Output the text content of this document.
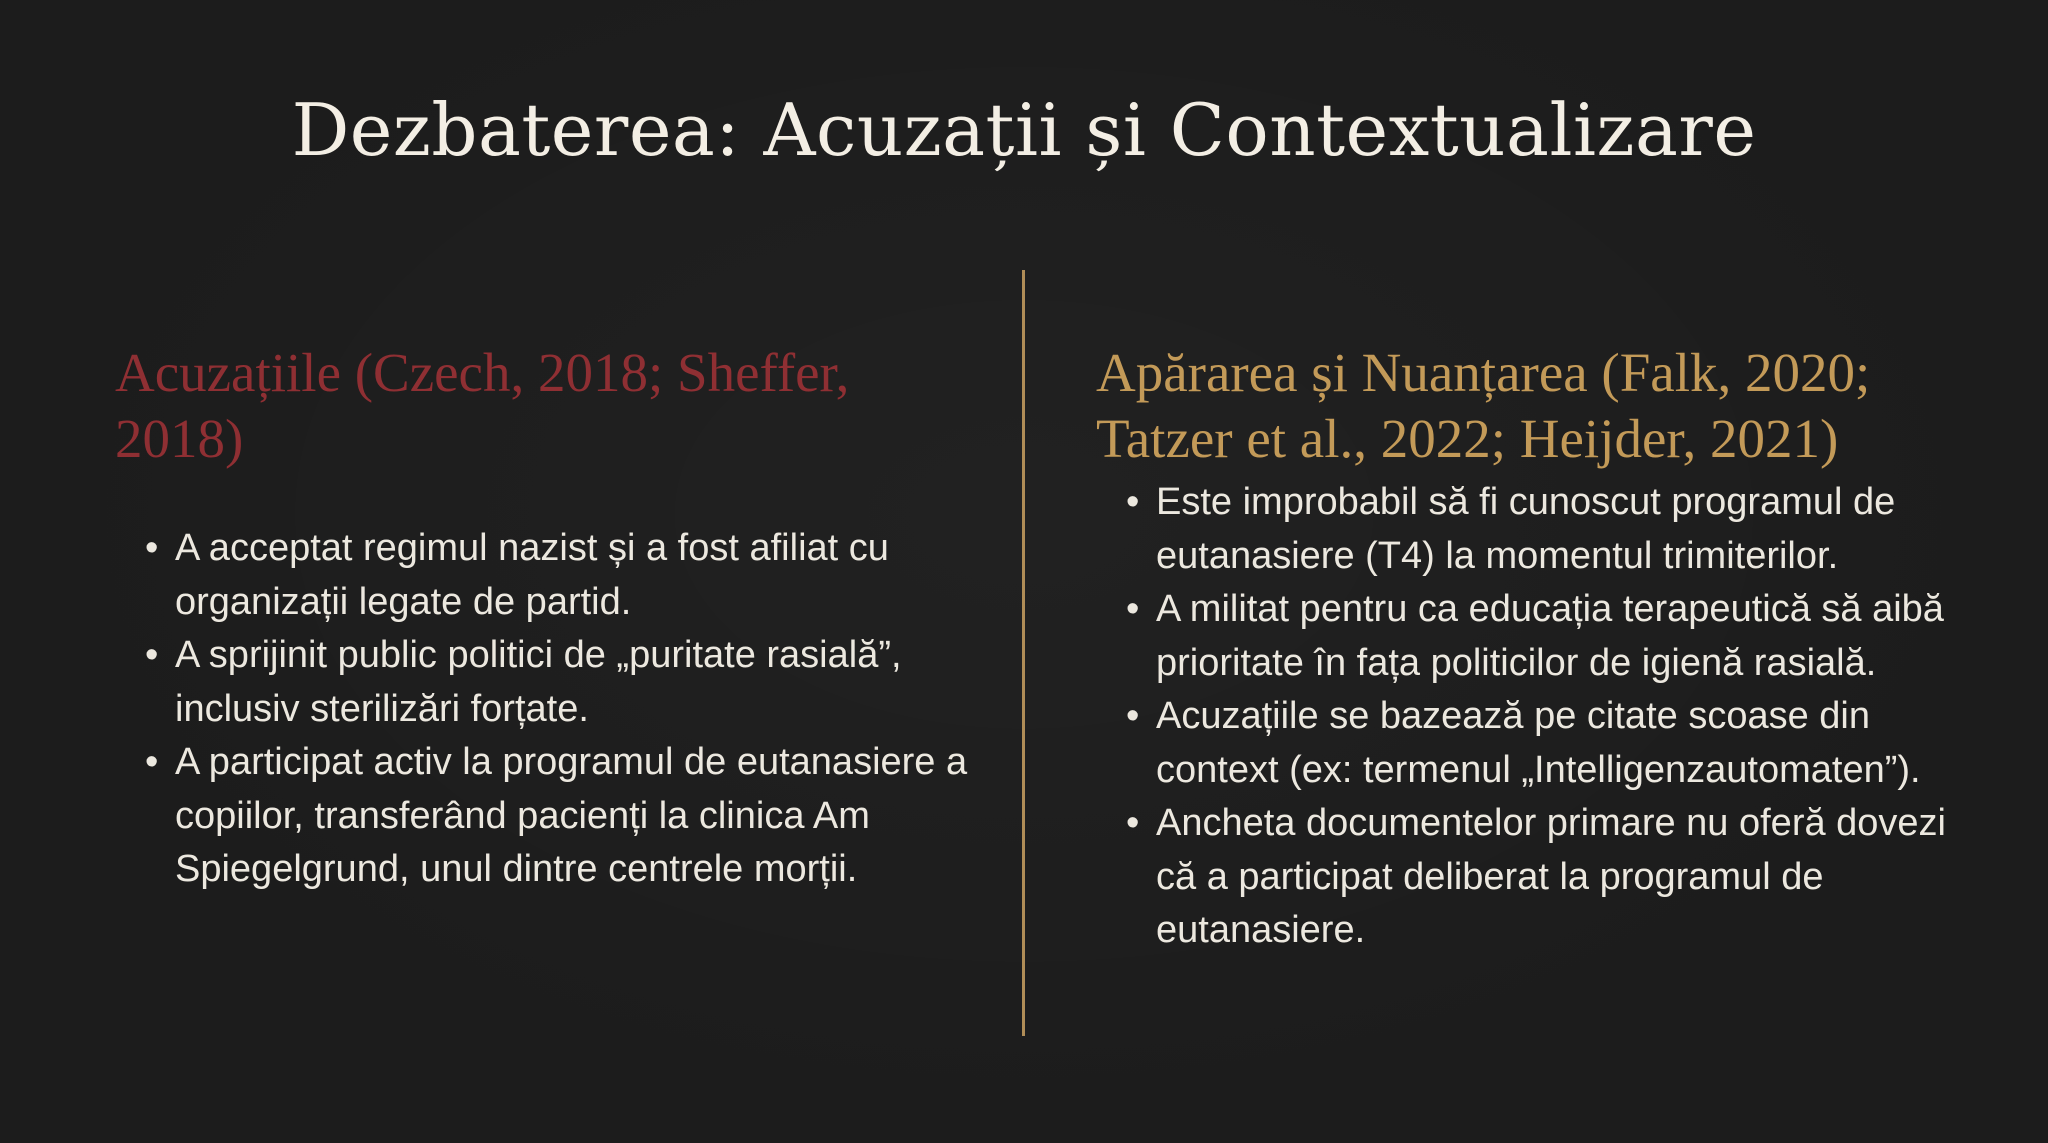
Dezbaterea: Acuzații și Contextualizare
Acuzațiile (Czech, 2018; Sheffer, 2018)
• A acceptat regimul nazist și a fost afiliat cu organizații legate de partid.
• A sprijinit public politici de „puritate rasială”, inclusiv sterilizări forțate.
• A participat activ la programul de eutanasiere a copiilor, transferând pacienți la clinica Am Spiegelgrund, unul dintre centrele morții.
Apărarea și Nuanțarea (Falk, 2020; Tatzer et al., 2022; Heijder, 2021)
• Este improbabil să fi cunoscut programul de eutanasiere (T4) la momentul trimiterilor.
• A militat pentru ca educația terapeutică să aibă prioritate în fața politicilor de igienă rasială.
• Acuzațiile se bazează pe citate scoase din context (ex: termenul „Intelligenzautomaten”).
• Ancheta documentelor primare nu oferă dovezi că a participat deliberat la programul de eutanasiere.
